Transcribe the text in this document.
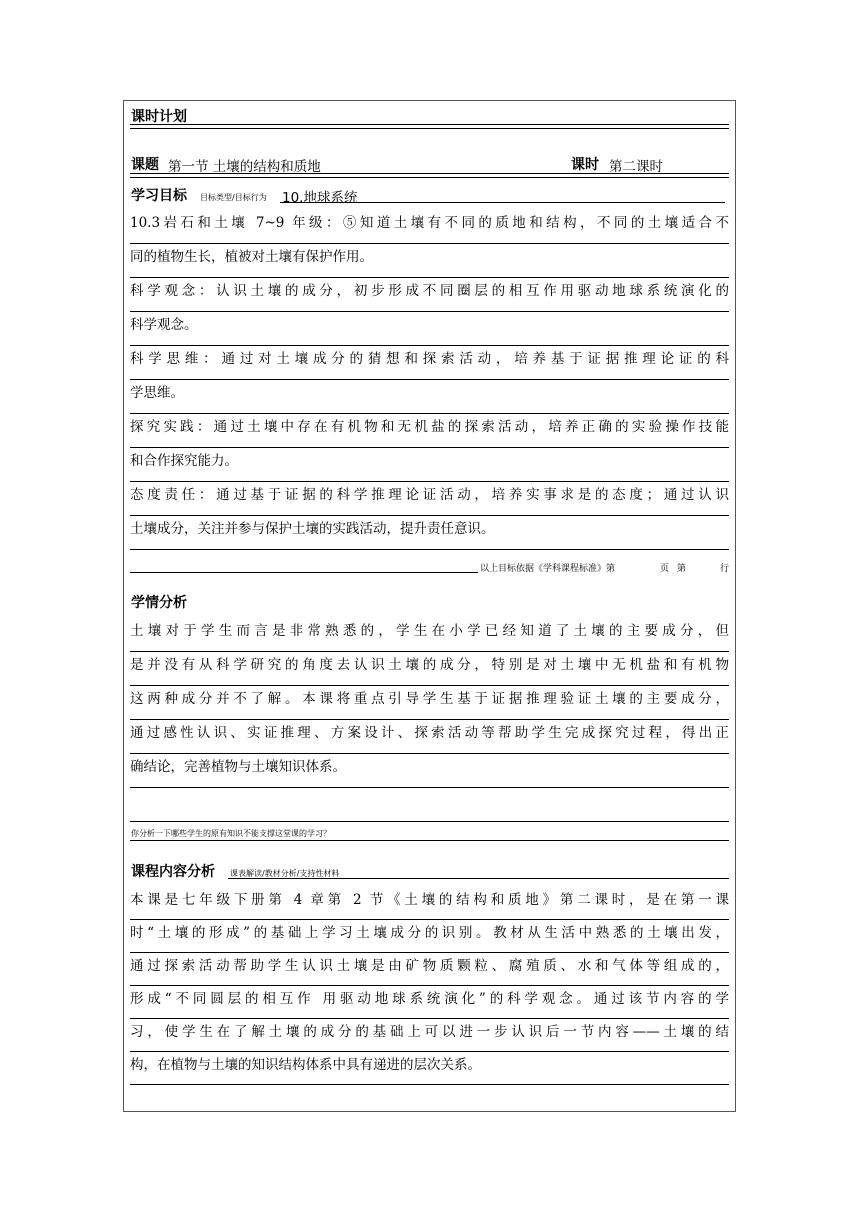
课时计划
课题 第一节 土壤的结构和质地	课时 第二课时
学习目标 目标类型/目标行为 10.地球系统
10.3岩石和土壤 7~9 年级：⑤知道土壤有不同的质地和结构，不同的土壤适合不
同的植物生长，植被对土壤有保护作用。
科学观念：认识土壤的成分，初步形成不同圈层的相互作用驱动地球系统演化的
科学观念。
科学思维：通过对土壤成分的猜想和探索活动，培养基于证据推理论证的科
学思维。
探究实践：通过土壤中存在有机物和无机盐的探索活动，培养正确的实验操作技能
和合作探究能力。
态度责任：通过基于证据的科学推理论证活动，培养实事求是的态度；通过认识
土壤成分，关注并参与保护土壤的实践活动，提升责任意识。
以上目标依据《学科课程标准》第	页 第	行
学情分析
土壤对于学生而言是非常熟悉的，学生在小学已经知道了土壤的主要成分，但
是并没有从科学研究的角度去认识土壤的成分，特别是对土壤中无机盐和有机物
这两种成分并不了解。本课将重点引导学生基于证据推理验证土壤的主要成分，
通过感性认识、实证推理、方案设计、探索活动等帮助学生完成探究过程，得出正
确结论，完善植物与土壤知识体系。
你分析一下哪些学生的原有知识不能支撑这堂课的学习？
课程内容分析 课表解读/教材分析/支持性材料
本课是七年级下册第 4 章第 2 节《土壤的结构和质地》第二课时，是在第一课
时“土壤的形成”的基础上学习土壤成分的识别。教材从生活中熟悉的土壤出发，
通过探索活动帮助学生认识土壤是由矿物质颗粒、腐殖质、水和气体等组成的，
形成“不同圆层的相互作 用驱动地球系统演化”的科学观念。通过该节内容的学
习，使学生在了解土壤的成分的基础上可以进一步认识后一节内容——土壤的结
构，在植物与土壤的知识结构体系中具有递进的层次关系。
